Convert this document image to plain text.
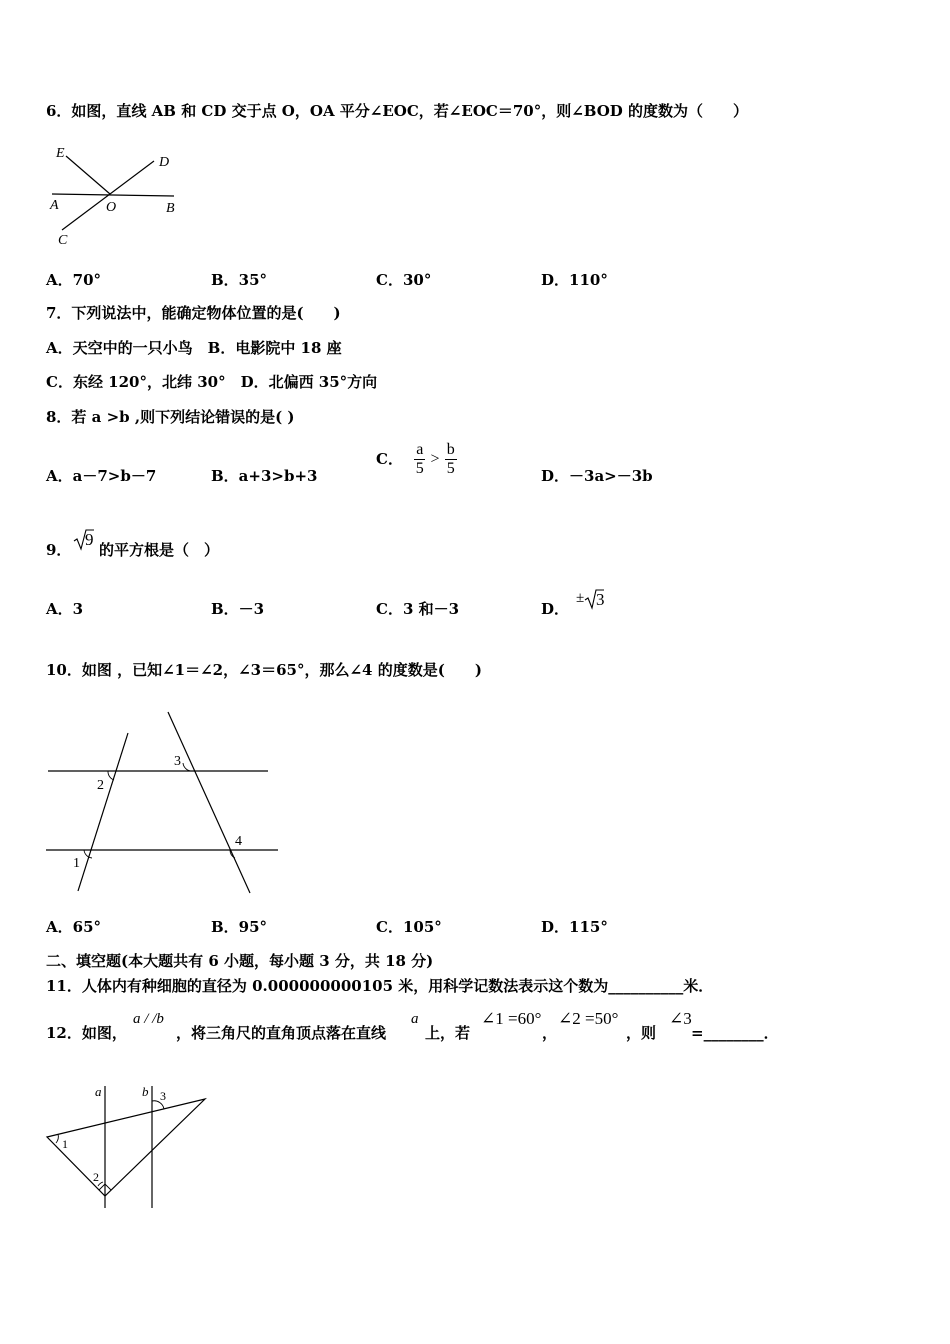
6．如图，直线 AB 和 CD 交于点 O，OA 平分∠EOC，若∠EOC＝70°，则∠BOD 的度数为（　　）
E
D
A	O	B
C
A．70°	B．35°	C．30°	D．110°
7．下列说法中，能确定物体位置的是(　　)
A．天空中的一只小鸟　B．电影院中 18 座
C．东经 120°，北纬 30°　D．北偏西 35°方向
8．若 a >b ,则下列结论错误的是( )
A．a－7>b－7	B．a+3>b+3
C． $\frac{a}{5} > \frac{b}{5}$	D．－3a>－3b
9．
9
的平方根是（　）
A．3	B．－3	C．3 和－3	D．
± 3
10．如图 ，已知∠1＝∠2，∠3＝65°，那么∠4 的度数是(　　)
2
1
3
4
A．65°	B．95°	C．105°	D．115°
二、填空题(本大题共有 6 小题，每小题 3 分，共 18 分)
11．人体内有种细胞的直径为 0.000000000105 米，用科学记数法表示这个数为__________米．
12．如图，
a / /b
，将三角尺的直角顶点落在直线
a
上，若
∠1 =60°
，
∠2 =50°
，则
∠3
=________．
a	b 3
1
2
